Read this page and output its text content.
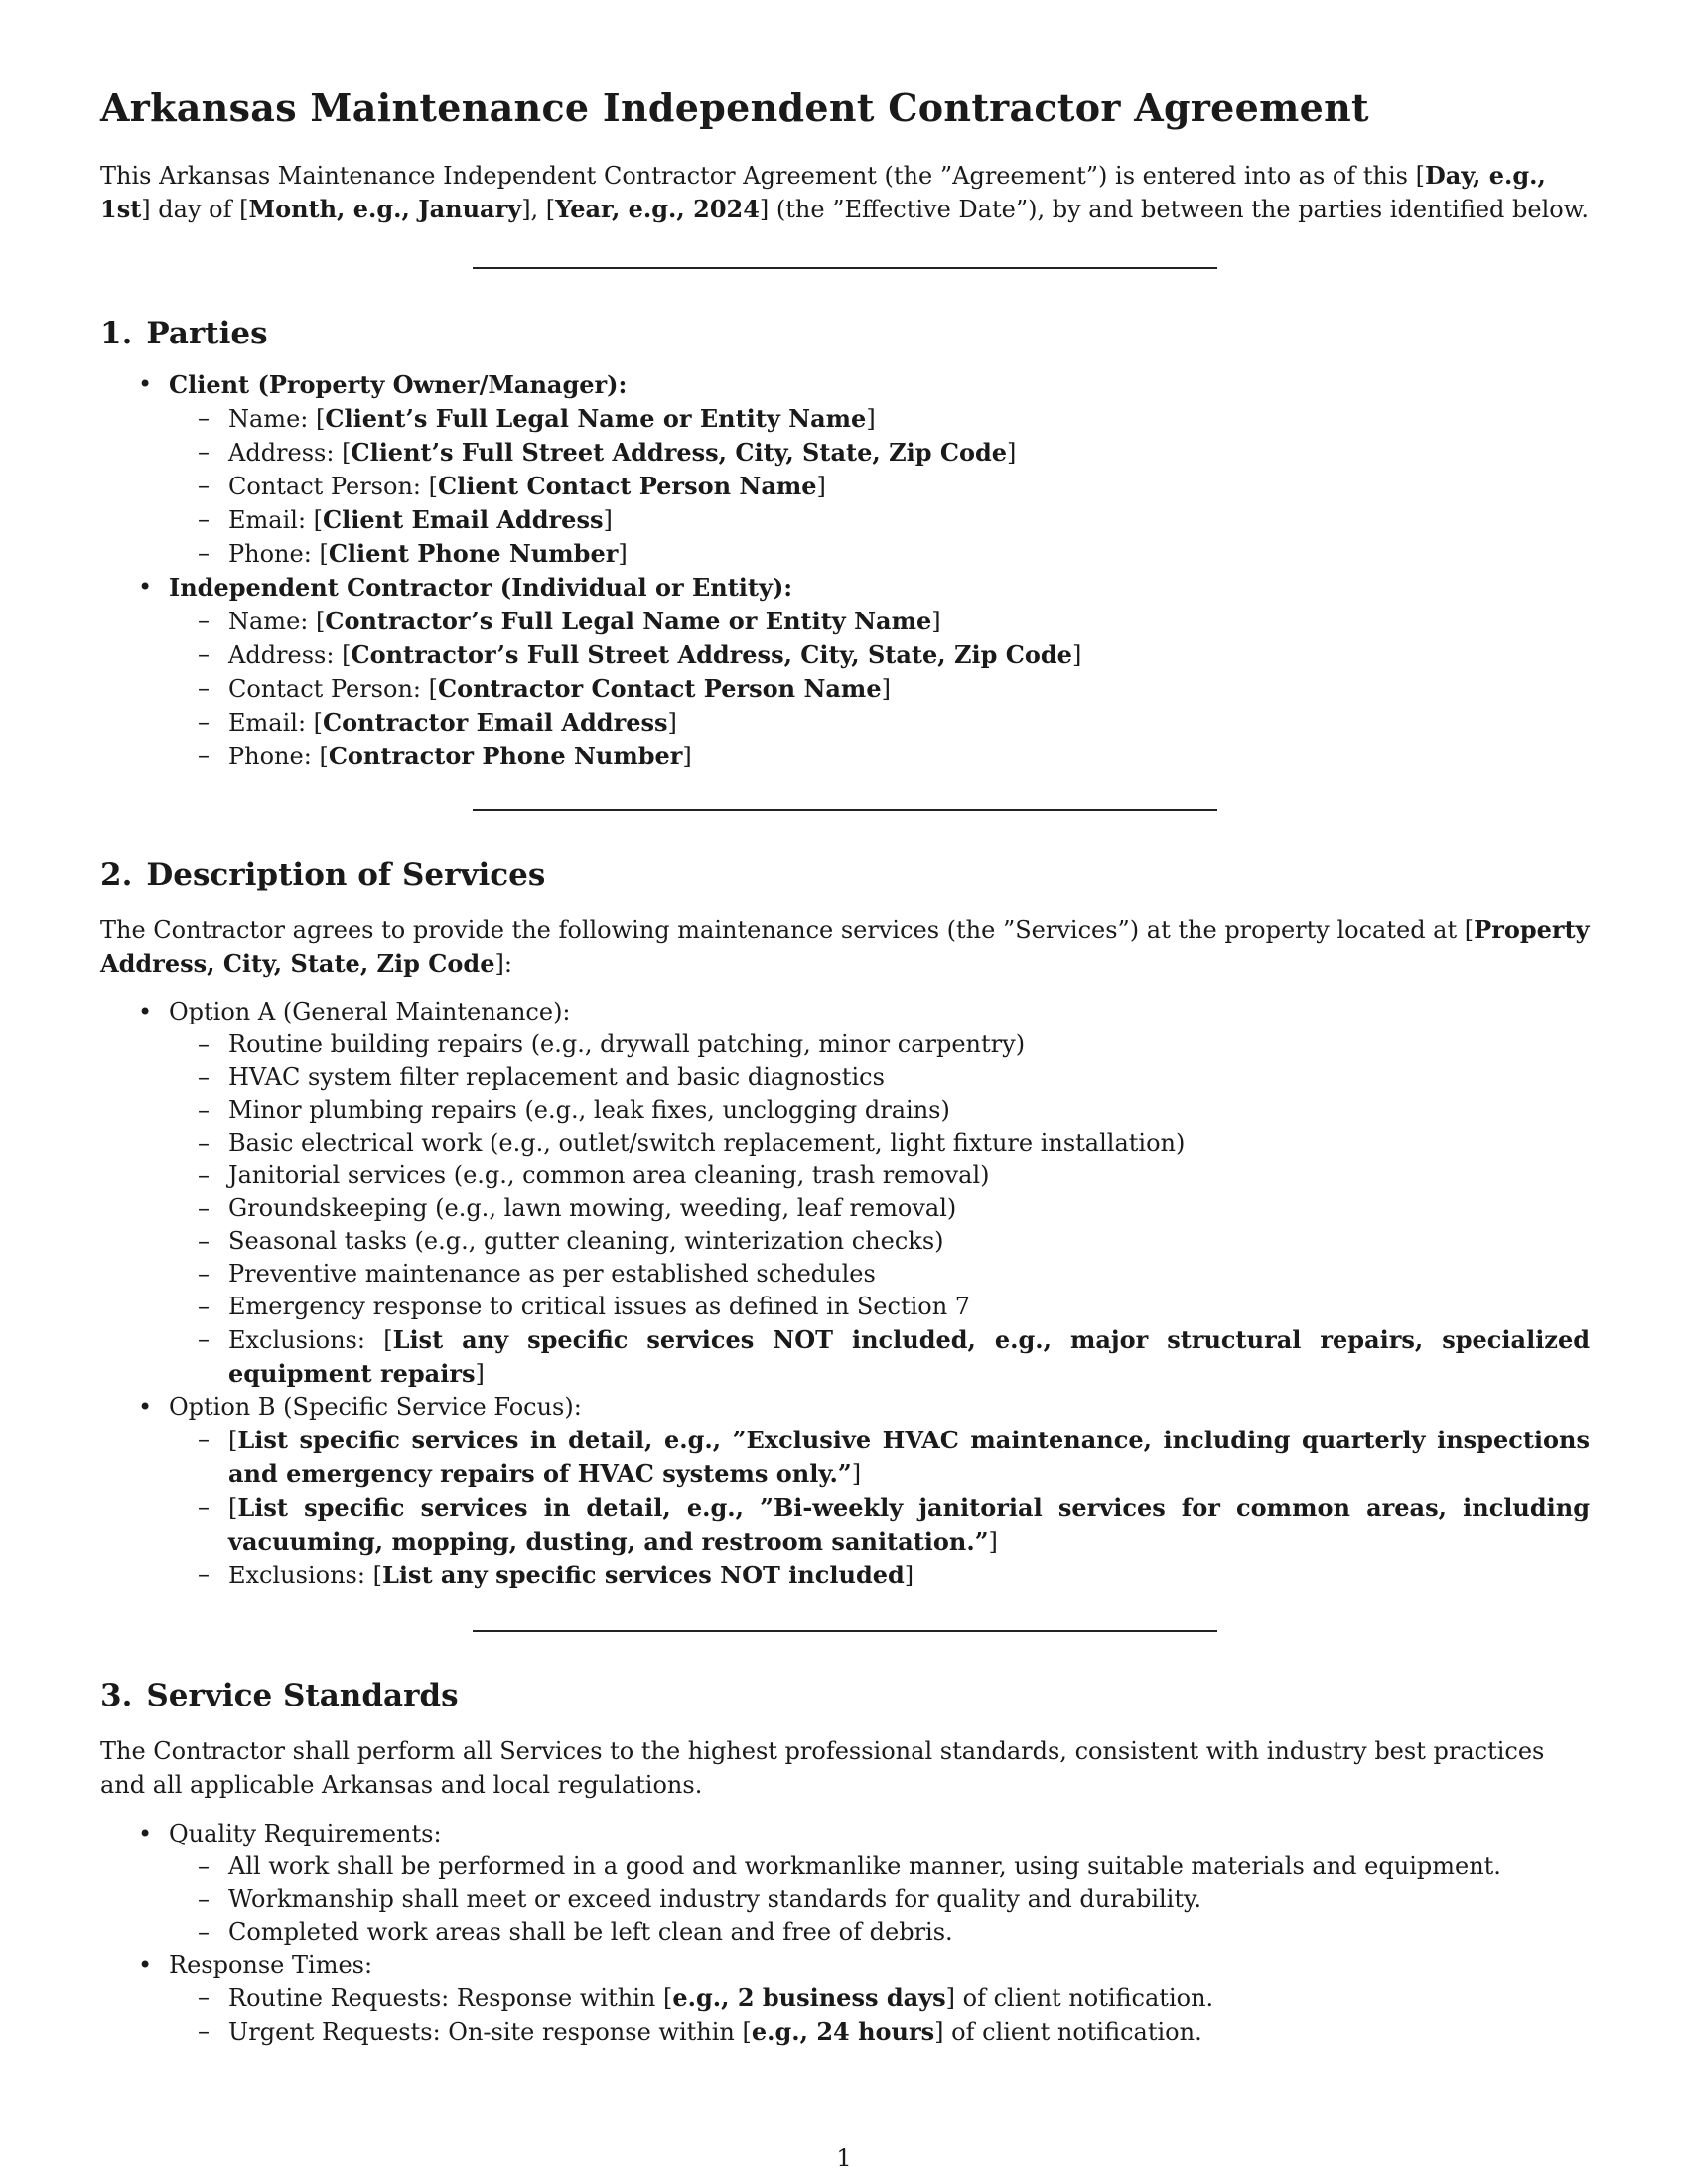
Arkansas Maintenance Independent Contractor Agreement

This Arkansas Maintenance Independent Contractor Agreement (the ”Agreement”) is entered into as of this [Day, e.g., 1st] day of [Month, e.g., January], [Year, e.g., 2024] (the ”Effective Date”), by and between the parties identified below.

1. Parties
• Client (Property Owner/Manager):
– Name: [Client’s Full Legal Name or Entity Name]
– Address: [Client’s Full Street Address, City, State, Zip Code]
– Contact Person: [Client Contact Person Name]
– Email: [Client Email Address]
– Phone: [Client Phone Number]
• Independent Contractor (Individual or Entity):
– Name: [Contractor’s Full Legal Name or Entity Name]
– Address: [Contractor’s Full Street Address, City, State, Zip Code]
– Contact Person: [Contractor Contact Person Name]
– Email: [Contractor Email Address]
– Phone: [Contractor Phone Number]
2. Description of Services

The Contractor agrees to provide the following maintenance services (the ”Services”) at the property located at [Property Address, City, State, Zip Code]:

• Option A (General Maintenance):
– Routine building repairs (e.g., drywall patching, minor carpentry)
– HVAC system filter replacement and basic diagnostics
– Minor plumbing repairs (e.g., leak fixes, unclogging drains)
– Basic electrical work (e.g., outlet/switch replacement, light fixture installation)
– Janitorial services (e.g., common area cleaning, trash removal)
– Groundskeeping (e.g., lawn mowing, weeding, leaf removal)
– Seasonal tasks (e.g., gutter cleaning, winterization checks)
– Preventive maintenance as per established schedules
– Emergency response to critical issues as defined in Section 7
– Exclusions: [List any specific services NOT included, e.g., major structural repairs, specialized equipment repairs]
• Option B (Specific Service Focus):
– [List specific services in detail, e.g., ”Exclusive HVAC maintenance, including quarterly inspections and emergency repairs of HVAC systems only.”]
– [List specific services in detail, e.g., ”Bi-weekly janitorial services for common areas, including vacuuming, mopping, dusting, and restroom sanitation.”]
– Exclusions: [List any specific services NOT included]
3. Service Standards

The Contractor shall perform all Services to the highest professional standards, consistent with industry best practices and all applicable Arkansas and local regulations.

• Quality Requirements:
– All work shall be performed in a good and workmanlike manner, using suitable materials and equipment.
– Workmanship shall meet or exceed industry standards for quality and durability.
– Completed work areas shall be left clean and free of debris.
• Response Times:
– Routine Requests: Response within [e.g., 2 business days] of client notification.
– Urgent Requests: On-site response within [e.g., 24 hours] of client notification.
1
